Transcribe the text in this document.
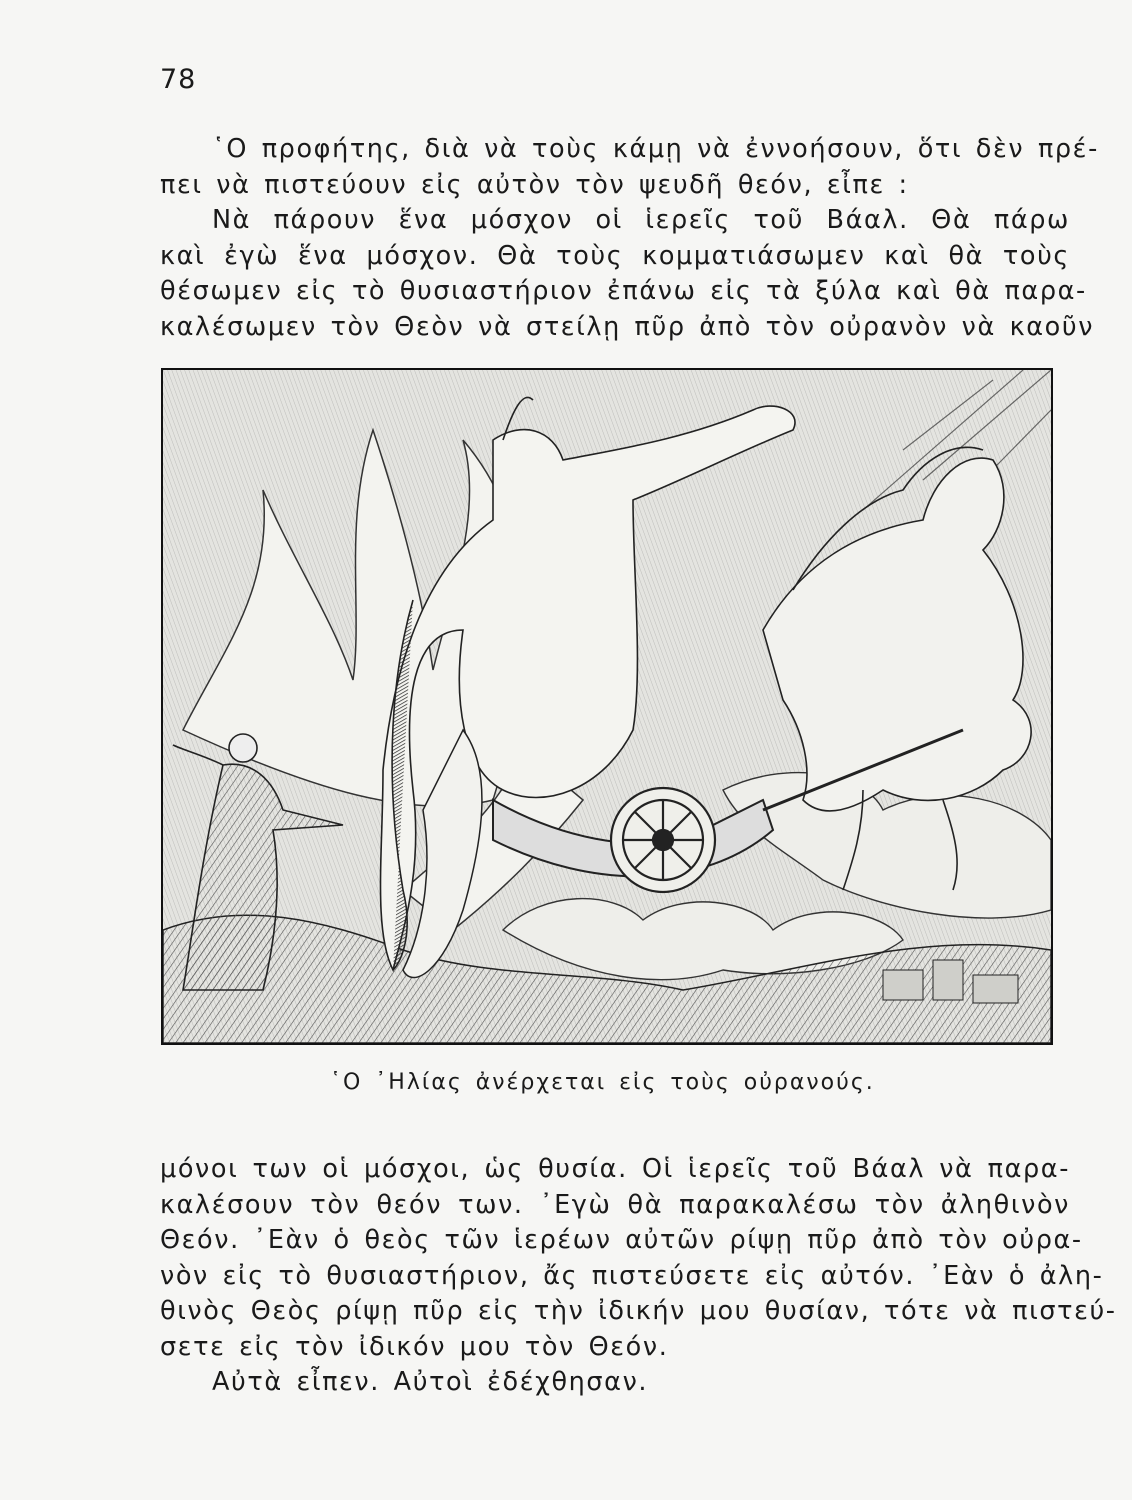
78
῾Ο προφήτης, διὰ νὰ τοὺς κάμῃ νὰ ἐννοήσουν, ὅτι δὲν πρέ-
πει νὰ πιστεύουν εἰς αὐτὸν τὸν ψευδῆ θεόν, εἶπε :
Νὰ πάρουν ἕνα μόσχον οἱ ἱερεῖς τοῦ Βάαλ. Θὰ πάρω
καὶ ἐγὼ ἕνα μόσχον. Θὰ τοὺς κομματιάσωμεν καὶ θὰ τοὺς
θέσωμεν εἰς τὸ θυσιαστήριον ἐπάνω εἰς τὰ ξύλα καὶ θὰ παρα-
καλέσωμεν τὸν Θεὸν νὰ στείλῃ πῦρ ἀπὸ τὸν οὐρανὸν νὰ καοῦν
῾Ο ᾿Ηλίας ἀνέρχεται εἰς τοὺς οὐρανούς.
μόνοι των οἱ μόσχοι, ὡς θυσία. Οἱ ἱερεῖς τοῦ Βάαλ νὰ παρα-
καλέσουν τὸν θεόν των. ᾿Εγὼ θὰ παρακαλέσω τὸν ἀληθινὸν
Θεόν. ᾿Εὰν ὁ θεὸς τῶν ἱερέων αὐτῶν ρίψῃ πῦρ ἀπὸ τὸν οὐρα-
νὸν εἰς τὸ θυσιαστήριον, ἄς πιστεύσετε εἰς αὐτόν. ᾿Εὰν ὁ ἀλη-
θινὸς Θεὸς ρίψῃ πῦρ εἰς τὴν ἰδικήν μου θυσίαν, τότε νὰ πιστεύ-
σετε εἰς τὸν ἰδικόν μου τὸν Θεόν.
Αὐτὰ εἶπεν. Αὐτοὶ ἐδέχθησαν.
